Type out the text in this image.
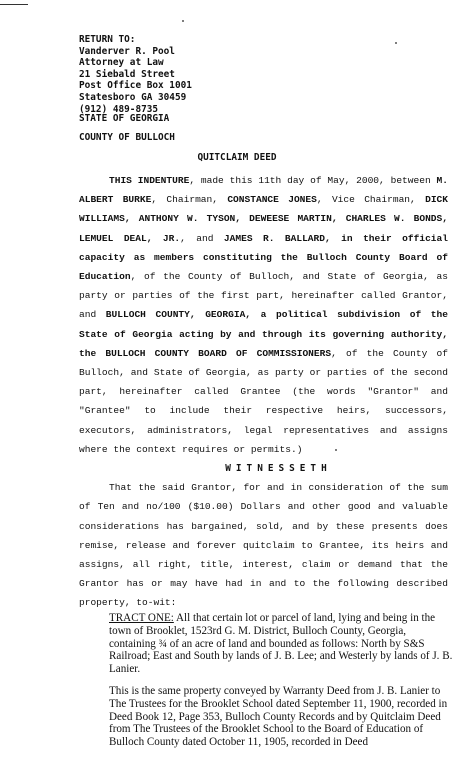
RETURN TO:
Vanderver R. Pool
Attorney at Law
21 Siebald Street
Post Office Box 1001
Statesboro GA 30459
(912) 489-8735
STATE OF GEORGIA
COUNTY OF BULLOCH
QUITCLAIM DEED

THIS INDENTURE, made this 11th day of May, 2000, between M. ALBERT BURKE, Chairman, CONSTANCE JONES, Vice Chairman, DICK WILLIAMS, ANTHONY W. TYSON, DEWEESE MARTIN, CHARLES W. BONDS, LEMUEL DEAL, JR., and JAMES R. BALLARD, in their official capacity as members constituting the Bulloch County Board of Education, of the County of Bulloch, and State of Georgia, as party or parties of the first part, hereinafter called Grantor, and BULLOCH COUNTY, GEORGIA, a political subdivision of the State of Georgia acting by and through its governing authority, the BULLOCH COUNTY BOARD OF COMMISSIONERS, of the County of Bulloch, and State of Georgia, as party or parties of the second part, hereinafter called Grantee (the words "Grantor" and "Grantee" to include their respective heirs, successors, executors, administrators, legal representatives and assigns where the context requires or permits.)

WITNESSETH

That the said Grantor, for and in consideration of the sum of Ten and no/100 ($10.00) Dollars and other good and valuable considerations has bargained, sold, and by these presents does remise, release and forever quitclaim to Grantee, its heirs and assigns, all right, title, interest, claim or demand that the Grantor has or may have had in and to the following described property, to-wit:

TRACT ONE: All that certain lot or parcel of land, lying and being in the town of Brooklet, 1523rd G. M. District, Bulloch County, Georgia, containing ¾ of an acre of land and bounded as follows: North by S&S Railroad; East and South by lands of J. B. Lee; and Westerly by lands of J. B. Lanier.

This is the same property conveyed by Warranty Deed from J. B. Lanier to The Trustees for the Brooklet School dated September 11, 1900, recorded in Deed Book 12, Page 353, Bulloch County Records and by Quitclaim Deed from The Trustees of the Brooklet School to the Board of Education of Bulloch County dated October 11, 1905, recorded in Deed
